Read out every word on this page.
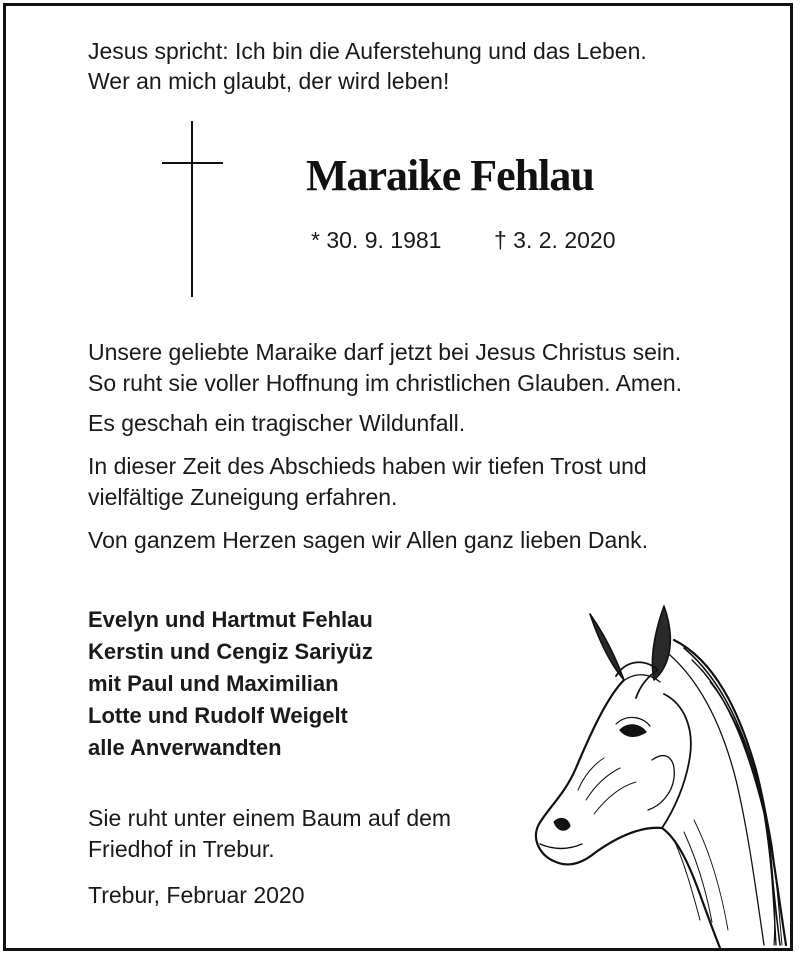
Jesus spricht: Ich bin die Auferstehung und das Leben.

Wer an mich glaubt, der wird leben!

Maraike Fehlau

* 30. 9. 1981 † 3. 2. 2020

Unsere geliebte Maraike darf jetzt bei Jesus Christus sein.

So ruht sie voller Hoffnung im christlichen Glauben. Amen.

Es geschah ein tragischer Wildunfall.

In dieser Zeit des Abschieds haben wir tiefen Trost und

vielfältige Zuneigung erfahren.

Von ganzem Herzen sagen wir Allen ganz lieben Dank.

Evelyn und Hartmut Fehlau

Kerstin und Cengiz Sariyüz

mit Paul und Maximilian

Lotte und Rudolf Weigelt

alle Anverwandten

Sie ruht unter einem Baum auf dem

Friedhof in Trebur.

Trebur, Februar 2020
